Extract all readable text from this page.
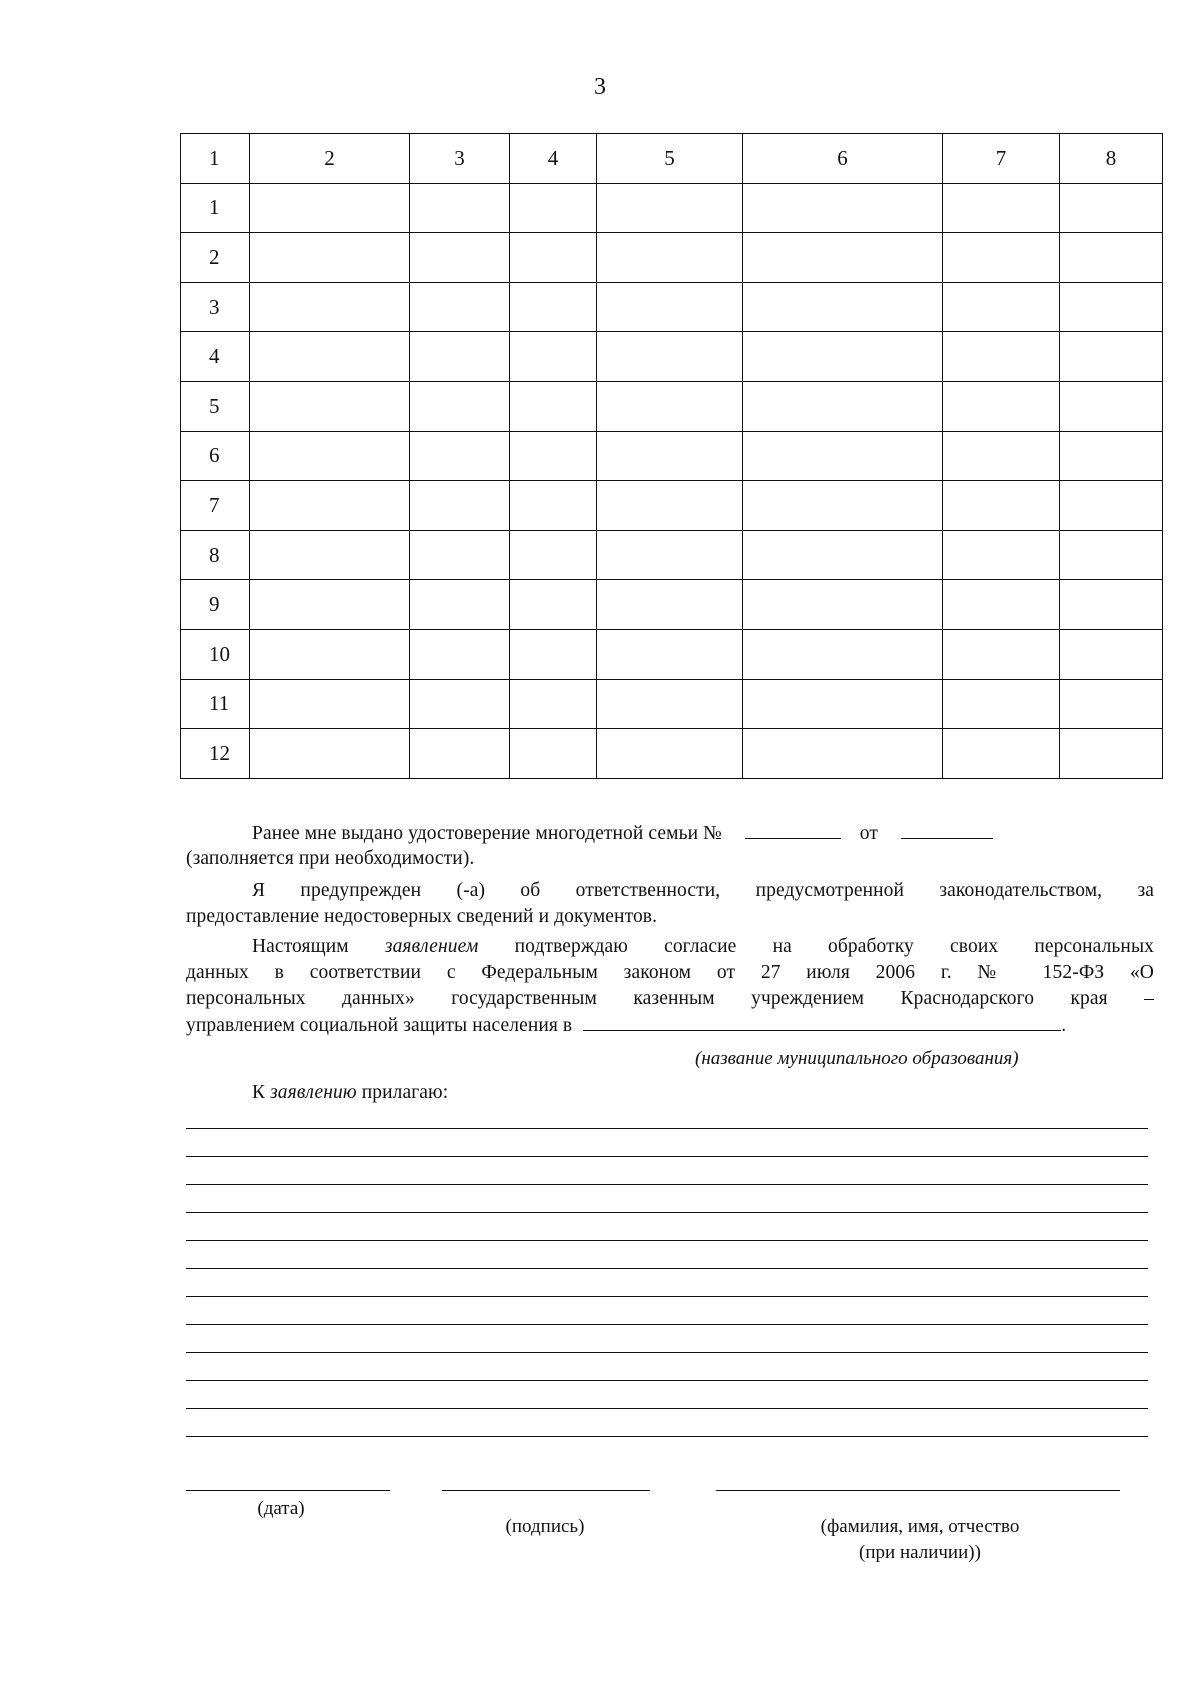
3
1	2	3	4	5	6	7	8
1							
2							
3							
4							
5							
6							
7							
8							
9							
10							
11							
12							
Ранее мне выдано удостоверение многодетной семьи №	от
(заполняется при необходимости).
Я предупрежден (-а) об ответственности, предусмотренной законодательством, за
предоставление недостоверных сведений и документов.
Настоящим заявлением подтверждаю согласие на обработку своих персональных
данных в соответствии с Федеральным законом от 27 июля 2006 г. № 152-ФЗ «О
персональных данных» государственным казенным учреждением Краснодарского края –
управлением социальной защиты населения в	.
(название муниципального образования)
К заявлению прилагаю:
(дата)
(подпись)	(фамилия, имя, отчество
(при наличии))
